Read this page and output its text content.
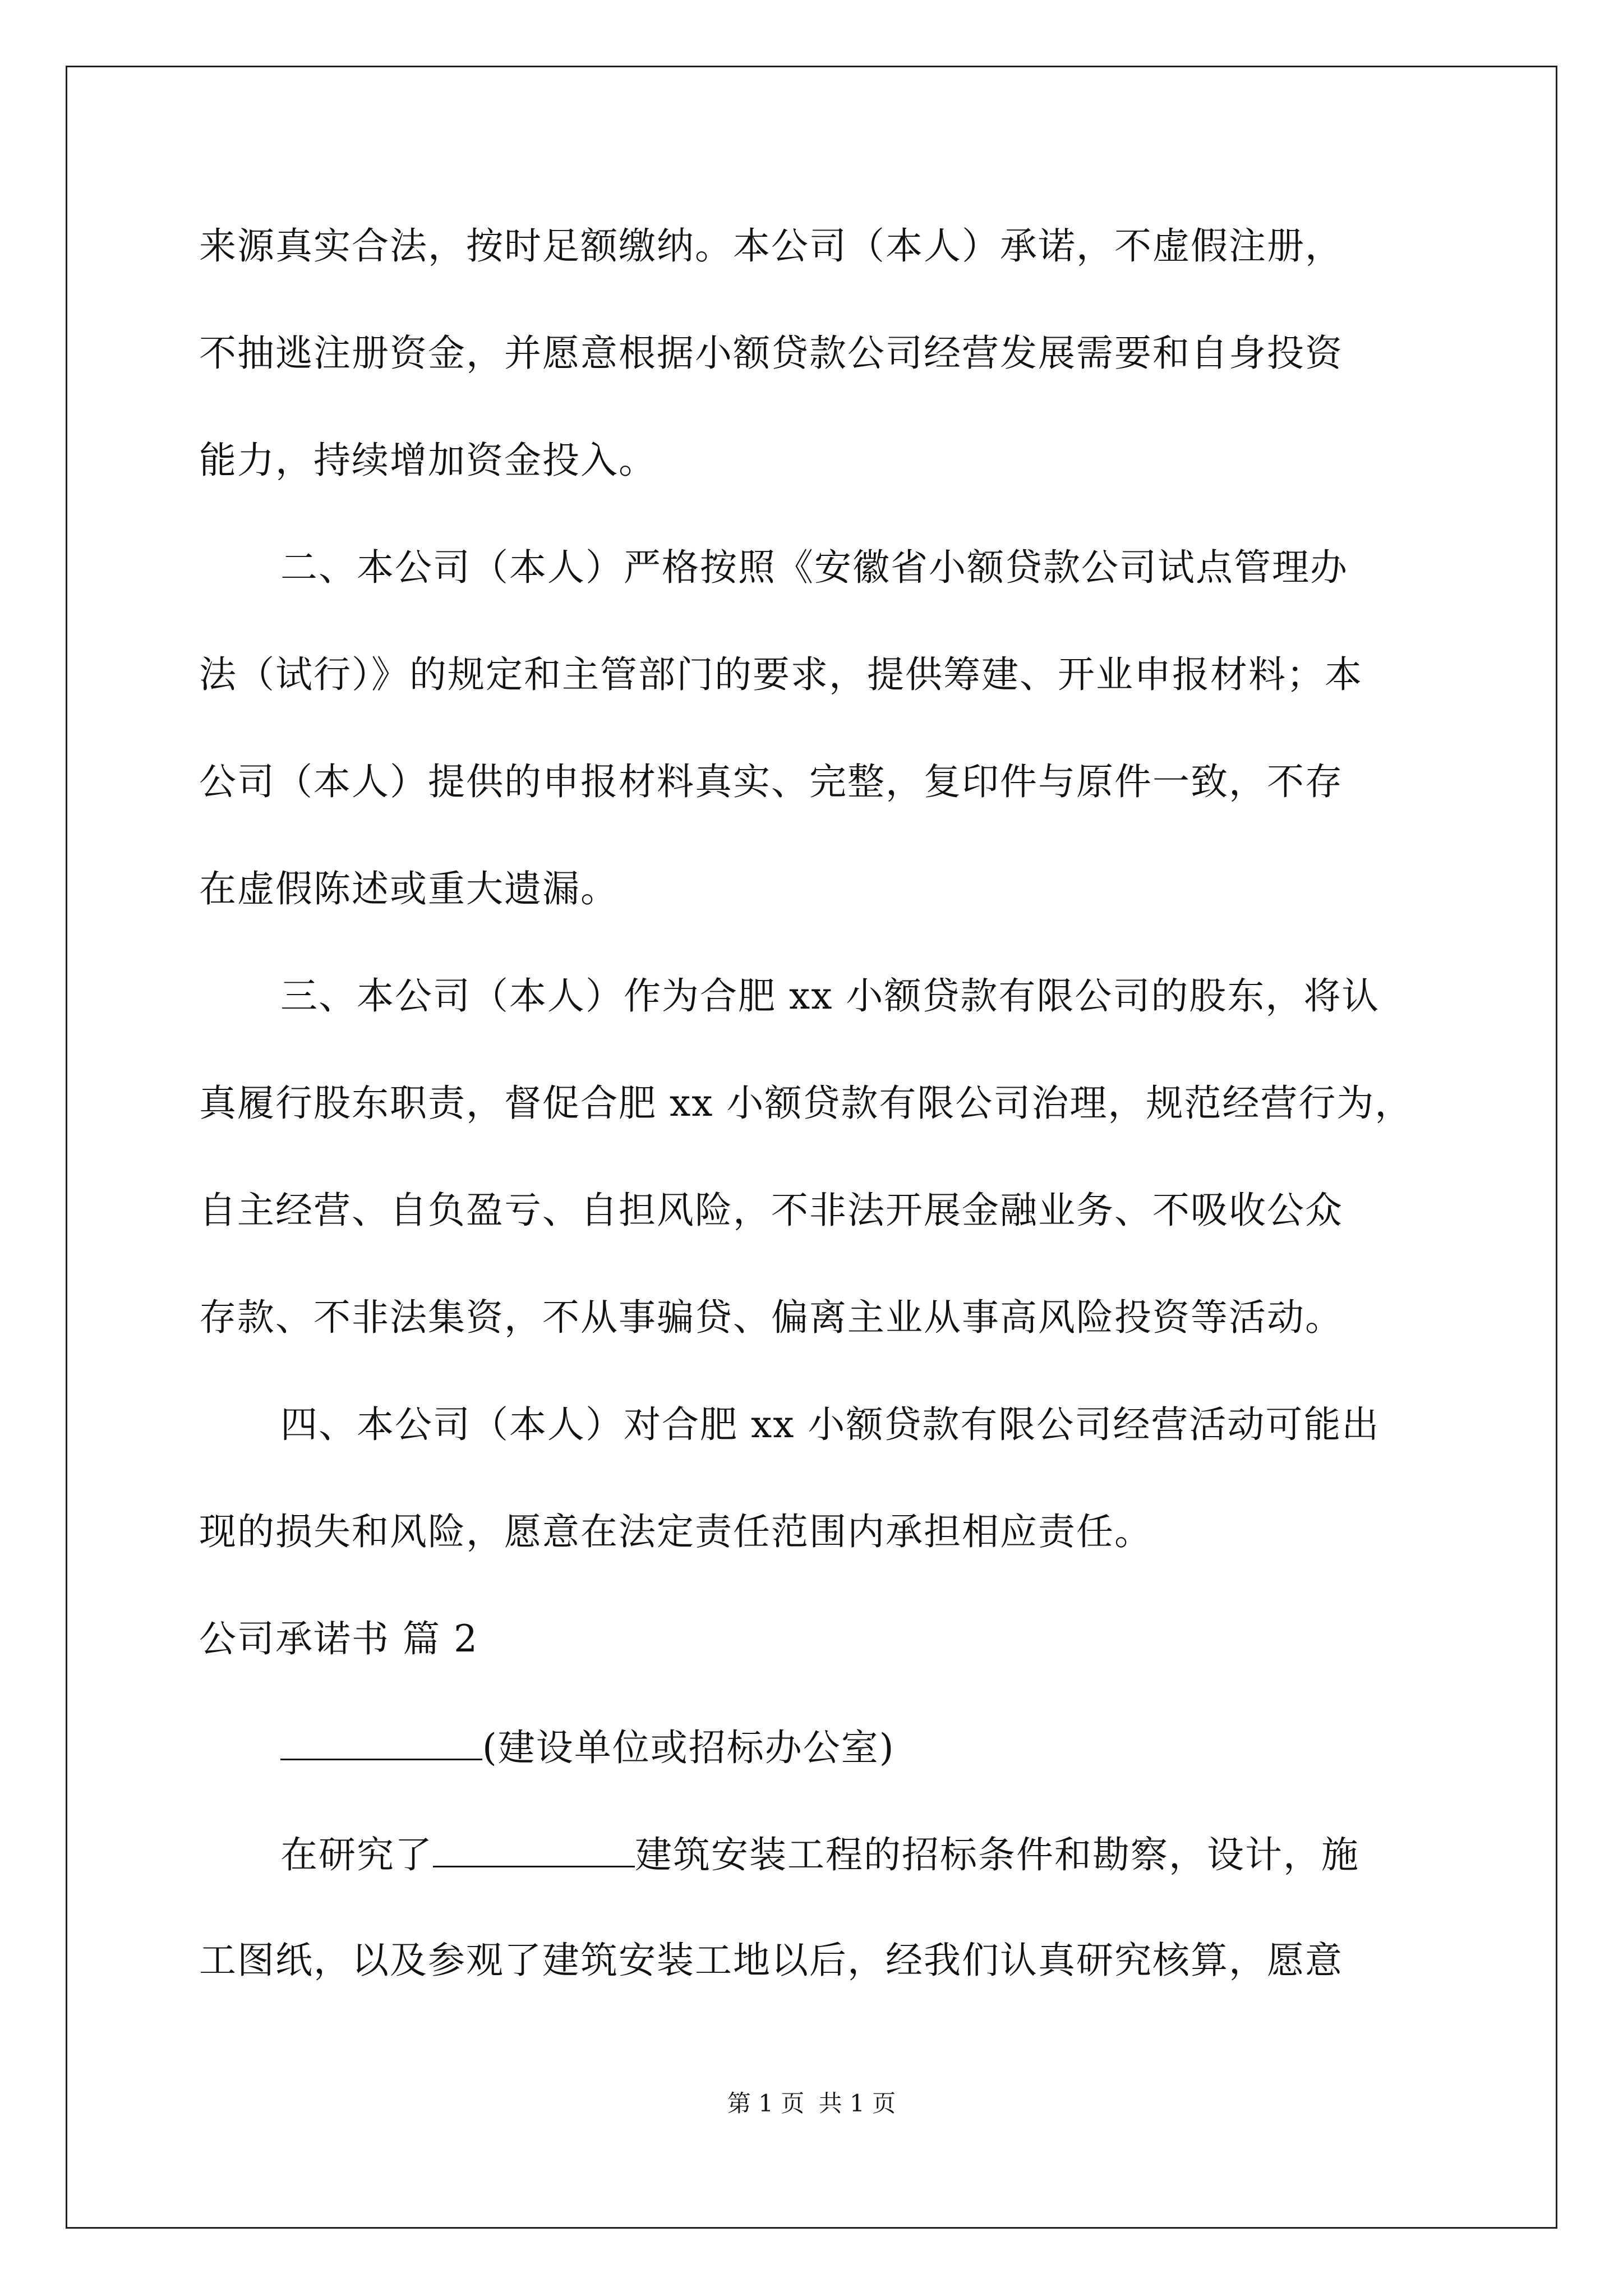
来源真实合法，按时足额缴纳。本公司（本人）承诺，不虚假注册，
不抽逃注册资金，并愿意根据小额贷款公司经营发展需要和自身投资
能力，持续增加资金投入。
二、本公司（本人）严格按照《安徽省小额贷款公司试点管理办
法（试行）》的规定和主管部门的要求，提供筹建、开业申报材料；本
公司（本人）提供的申报材料真实、完整，复印件与原件一致，不存
在虚假陈述或重大遗漏。
三、本公司（本人）作为合肥 xx 小额贷款有限公司的股东，将认
真履行股东职责，督促合肥 xx 小额贷款有限公司治理，规范经营行为，
自主经营、自负盈亏、自担风险，不非法开展金融业务、不吸收公众
存款、不非法集资，不从事骗贷、偏离主业从事高风险投资等活动。
四、本公司（本人）对合肥 xx 小额贷款有限公司经营活动可能出
现的损失和风险，愿意在法定责任范围内承担相应责任。
公司承诺书 篇 2
(建设单位或招标办公室)
在研究了	建筑安装工程的招标条件和勘察，设计，施
工图纸，以及参观了建筑安装工地以后，经我们认真研究核算，愿意
第 1 页 共 1 页
